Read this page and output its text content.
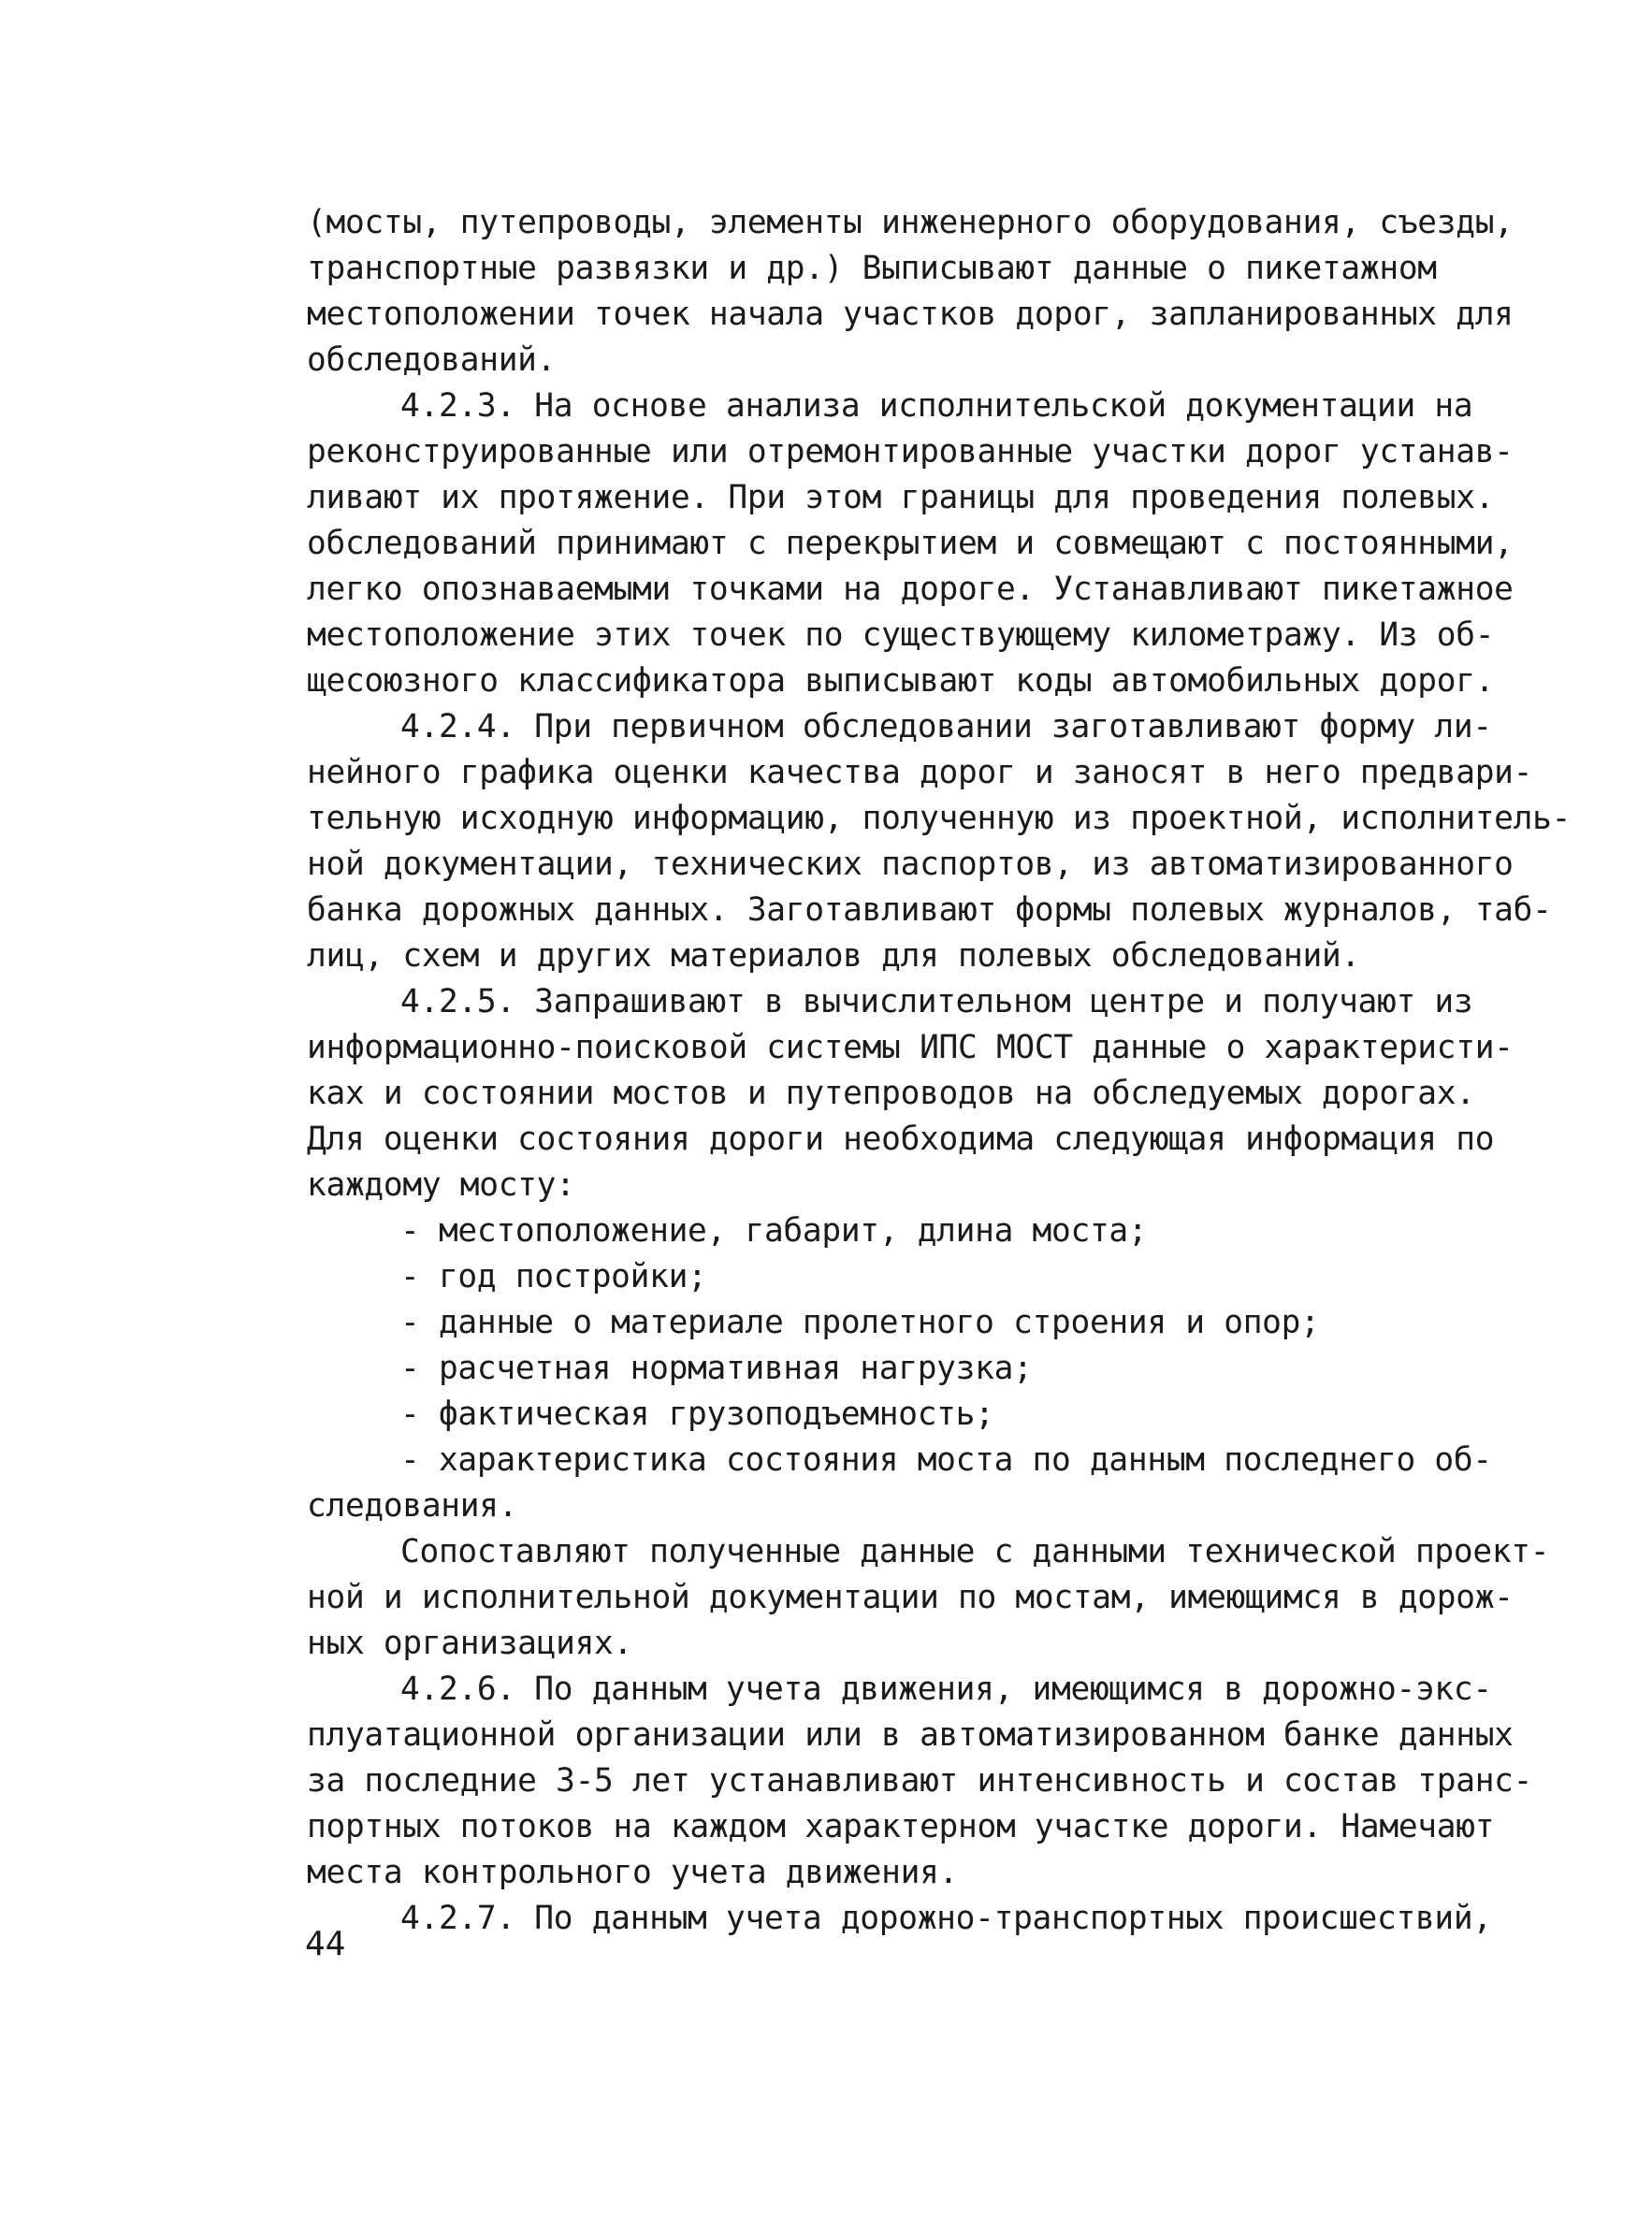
(мосты, путепроводы, элементы инженерного оборудования, съезды,
транспортные развязки и др.) Выписывают данные о пикетажном
местоположении точек начала участков дорог, запланированных для
обследований.
4.2.3. На основе анализа исполнительской документации на
реконструированные или отремонтированные участки дорог устанав-
ливают их протяжение. При этом границы для проведения полевых.
обследований принимают с перекрытием и совмещают с постоянными,
легко опознаваемыми точками на дороге. Устанавливают пикетажное
местоположение этих точек по существующему километражу. Из об-
щесоюзного классификатора выписывают коды автомобильных дорог.
4.2.4. При первичном обследовании заготавливают форму ли-
нейного графика оценки качества дорог и заносят в него предвари-
тельную исходную информацию, полученную из проектной, исполнитель-
ной документации, технических паспортов, из автоматизированного
банка дорожных данных. Заготавливают формы полевых журналов, таб-
лиц, схем и других материалов для полевых обследований.
4.2.5. Запрашивают в вычислительном центре и получают из
информационно-поисковой системы ИПС МОСТ данные о характеристи-
ках и состоянии мостов и путепроводов на обследуемых дорогах.
Для оценки состояния дороги необходима следующая информация по
каждому мосту:
- местоположение, габарит, длина моста;
- год постройки;
- данные о материале пролетного строения и опор;
- расчетная нормативная нагрузка;
- фактическая грузоподъемность;
- характеристика состояния моста по данным последнего об-
следования.
Сопоставляют полученные данные с данными технической проект-
ной и исполнительной документации по мостам, имеющимся в дорож-
ных организациях.
4.2.6. По данным учета движения, имеющимся в дорожно-экс-
плуатационной организации или в автоматизированном банке данных
за последние 3-5 лет устанавливают интенсивность и состав транс-
портных потоков на каждом характерном участке дороги. Намечают
места контрольного учета движения.
4.2.7. По данным учета дорожно-транспортных происшествий,
44
